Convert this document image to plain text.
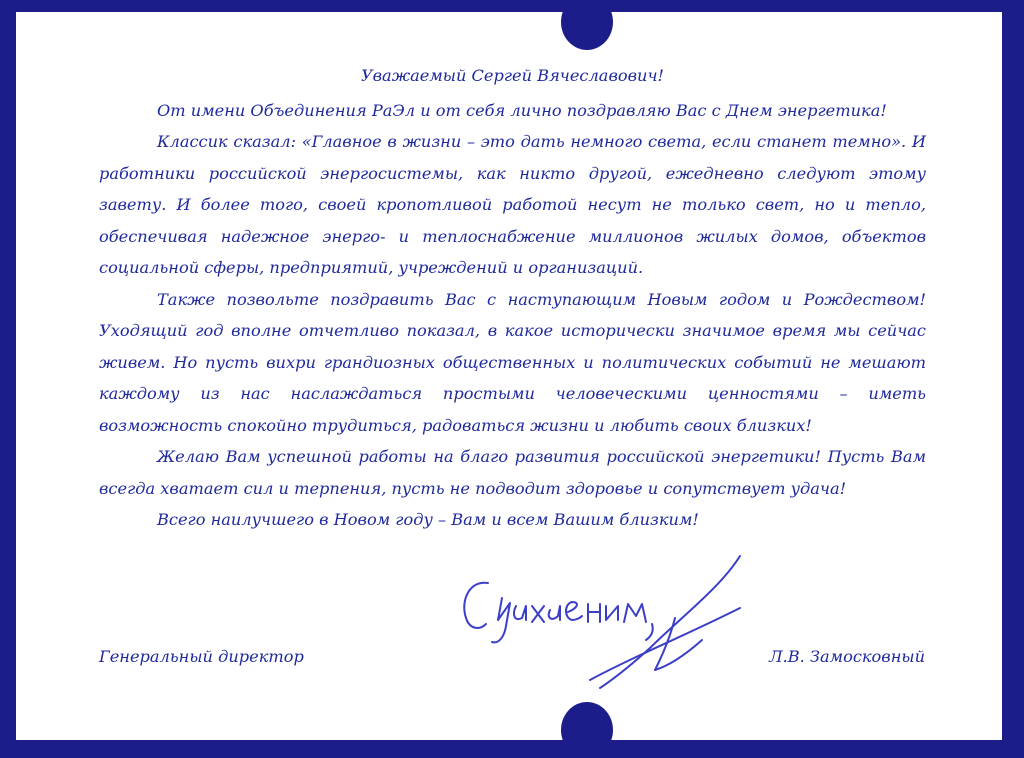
Уважаемый Сергей Вячеславович!

От имени Объединения РаЭл и от себя лично поздравляю Вас с Днем энергетика!

Классик сказал: «Главное в жизни – это дать немного света, если станет темно». И работники российской энергосистемы, как никто другой, ежедневно следуют этому завету. И более того, своей кропотливой работой несут не только свет, но и тепло, обеспечивая надежное энерго- и теплоснабжение миллионов жилых домов, объектов социальной сферы, предприятий, учреждений и организаций.

Также позвольте поздравить Вас с наступающим Новым годом и Рождеством! Уходящий год вполне отчетливо показал, в какое исторически значимое время мы сейчас живем. Но пусть вихри грандиозных общественных и политических событий не мешают каждому из нас наслаждаться простыми человеческими ценностями – иметь возможность спокойно трудиться, радоваться жизни и любить своих близких!

Желаю Вам успешной работы на благо развития российской энергетики! Пусть Вам всегда хватает сил и терпения, пусть не подводит здоровье и сопутствует удача!

Всего наилучшего в Новом году – Вам и всем Вашим близким!

Генеральный директор	Л.В. Замосковный
